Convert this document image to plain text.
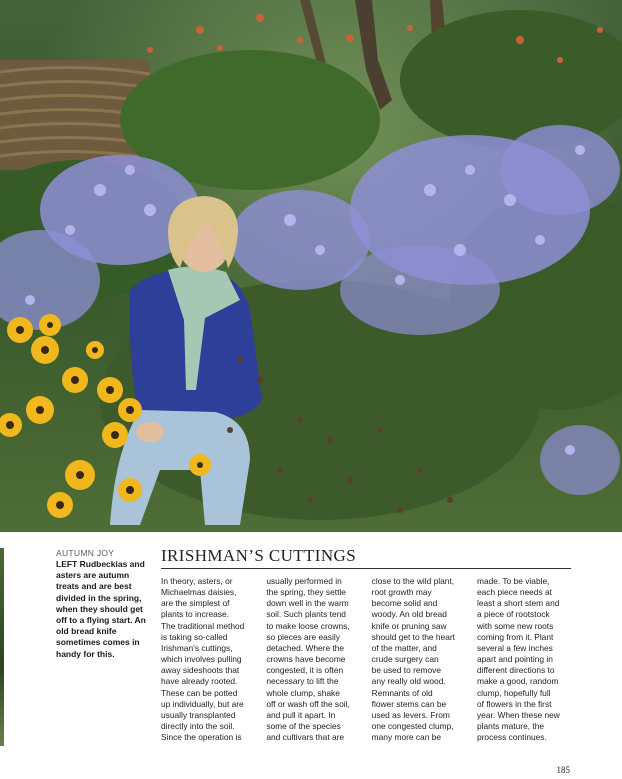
AUTUMN JOY
LEFT Rudbeckias and asters are autumn treats and are best divided in the spring, when they should get off to a flying start. An old bread knife sometimes comes in handy for this.
IRISHMAN’S CUTTINGS
In theory, asters, or
Michaelmas daisies,
are the simplest of
plants to increase.
The traditional method
is taking so-called
Irishman’s cuttings,
which involves pulling
away sideshoots that
have already rooted.
These can be potted
up individually, but are
usually transplanted
directly into the soil.
Since the operation is
usually performed in
the spring, they settle
down well in the warm
soil. Such plants tend
to make loose crowns,
so pieces are easily
detached. Where the
crowns have become
congested, it is often
necessary to lift the
whole clump, shake
off or wash off the soil,
and pull it apart. In
some of the species
and cultivars that are
close to the wild plant,
root growth may
become solid and
woody. An old bread
knife or pruning saw
should get to the heart
of the matter, and
crude surgery can
be used to remove
any really old wood.
Remnants of old
flower stems can be
used as levers. From
one congested clump,
many more can be
made. To be viable,
each piece needs at
least a short stem and
a piece of rootstock
with some new roots
coming from it. Plant
several a few inches
apart and pointing in
different directions to
make a good, random
clump, hopefully full
of flowers in the first
year. When these new
plants mature, the
process continues.
185
